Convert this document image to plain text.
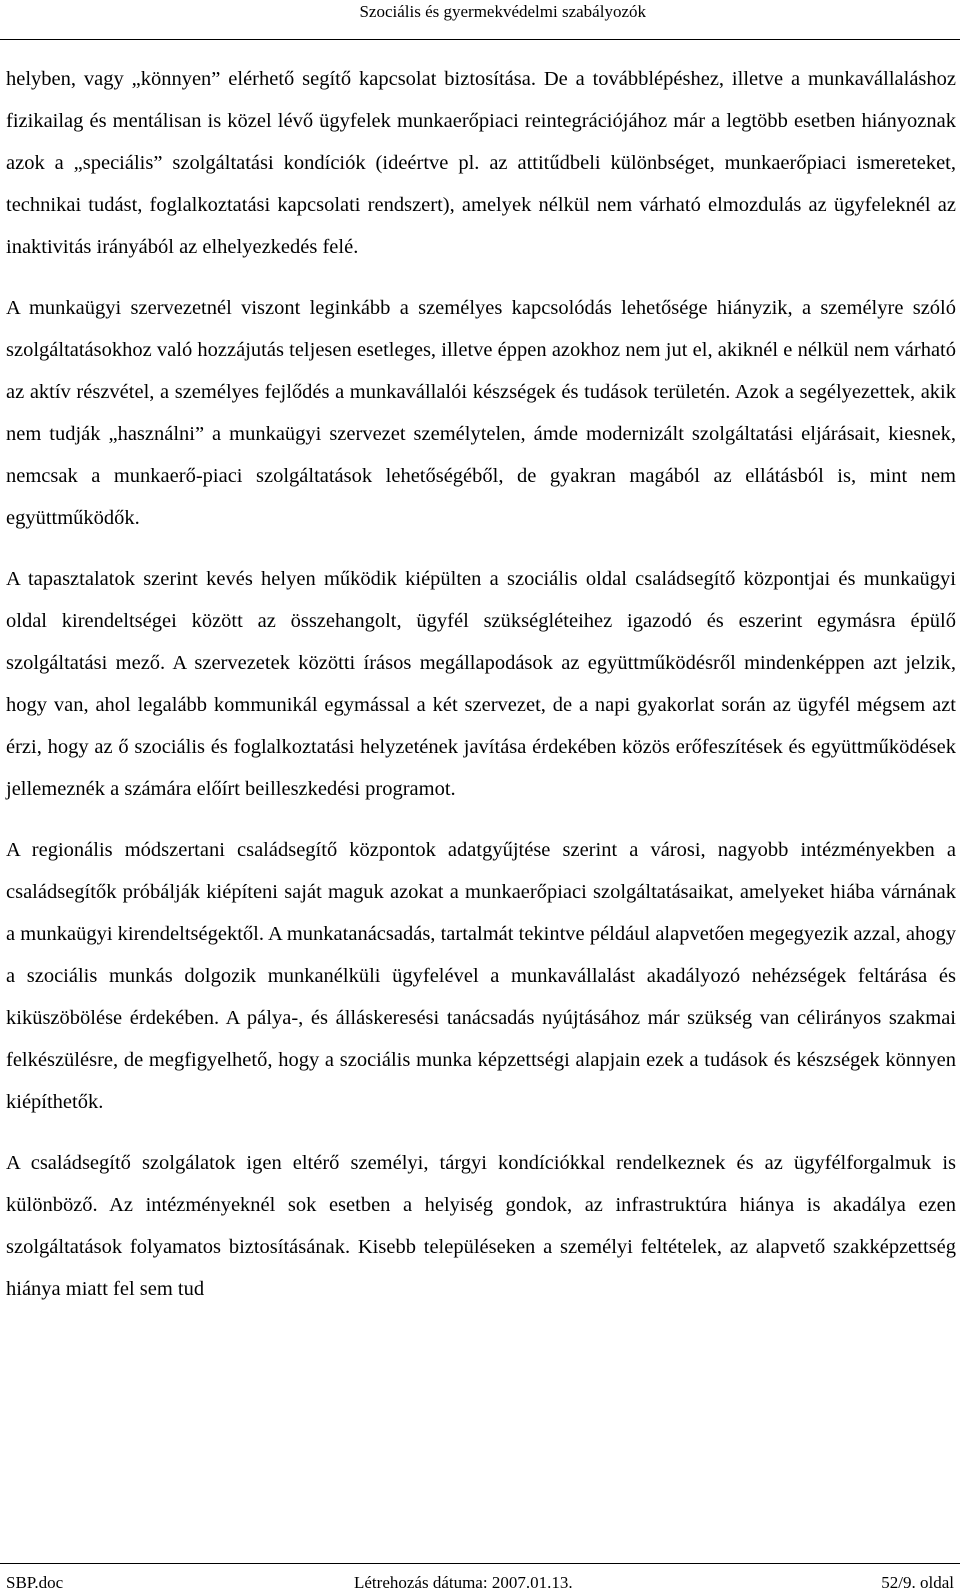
Szociális és gyermekvédelmi szabályozók

helyben, vagy „könnyen” elérhető segítő kapcsolat biztosítása. De a továbblépéshez, illetve a munkavállaláshoz fizikailag és mentálisan is közel lévő ügyfelek munkaerőpiaci reintegrációjához már a legtöbb esetben hiányoznak azok a „speciális” szolgáltatási kondíciók (ideértve pl. az attitűdbeli különbséget, munkaerőpiaci ismereteket, technikai tudást, foglalkoztatási kapcsolati rendszert), amelyek nélkül nem várható elmozdulás az ügyfeleknél az inaktivitás irányából az elhelyezkedés felé.

A munkaügyi szervezetnél viszont leginkább a személyes kapcsolódás lehetősége hiányzik, a személyre szóló szolgáltatásokhoz való hozzájutás teljesen esetleges, illetve éppen azokhoz nem jut el, akiknél e nélkül nem várható az aktív részvétel, a személyes fejlődés a munkavállalói készségek és tudások területén. Azok a segélyezettek, akik nem tudják „használni” a munkaügyi szervezet személytelen, ámde modernizált szolgáltatási eljárásait, kiesnek, nemcsak a munkaerő-piaci szolgáltatások lehetőségéből, de gyakran magából az ellátásból is, mint nem együttműködők.

A tapasztalatok szerint kevés helyen működik kiépülten a szociális oldal családsegítő központjai és munkaügyi oldal kirendeltségei között az összehangolt, ügyfél szükségléteihez igazodó és eszerint egymásra épülő szolgáltatási mező. A szervezetek közötti írásos megállapodások az együttműködésről mindenképpen azt jelzik, hogy van, ahol legalább kommunikál egymással a két szervezet, de a napi gyakorlat során az ügyfél mégsem azt érzi, hogy az ő szociális és foglalkoztatási helyzetének javítása érdekében közös erőfeszítések és együttműködések jellemeznék a számára előírt beilleszkedési programot.

A regionális módszertani családsegítő központok adatgyűjtése szerint a városi, nagyobb intézményekben a családsegítők próbálják kiépíteni saját maguk azokat a munkaerőpiaci szolgáltatásaikat, amelyeket hiába várnának a munkaügyi kirendeltségektől. A munkatanácsadás, tartalmát tekintve például alapvetően megegyezik azzal, ahogy a szociális munkás dolgozik munkanélküli ügyfelével a munkavállalást akadályozó nehézségek feltárása és kiküszöbölése érdekében. A pálya-, és álláskeresési tanácsadás nyújtásához már szükség van célirányos szakmai felkészülésre, de megfigyelhető, hogy a szociális munka képzettségi alapjain ezek a tudások és készségek könnyen kiépíthetők.

A családsegítő szolgálatok igen eltérő személyi, tárgyi kondíciókkal rendelkeznek és az ügyfélforgalmuk is különböző. Az intézményeknél sok esetben a helyiség gondok, az infrastruktúra hiánya is akadálya ezen szolgáltatások folyamatos biztosításának. Kisebb településeken a személyi feltételek, az alapvető szakképzettség hiánya miatt fel sem tud

SBP.doc	Létrehozás dátuma: 2007.01.13.	52/9. oldal
